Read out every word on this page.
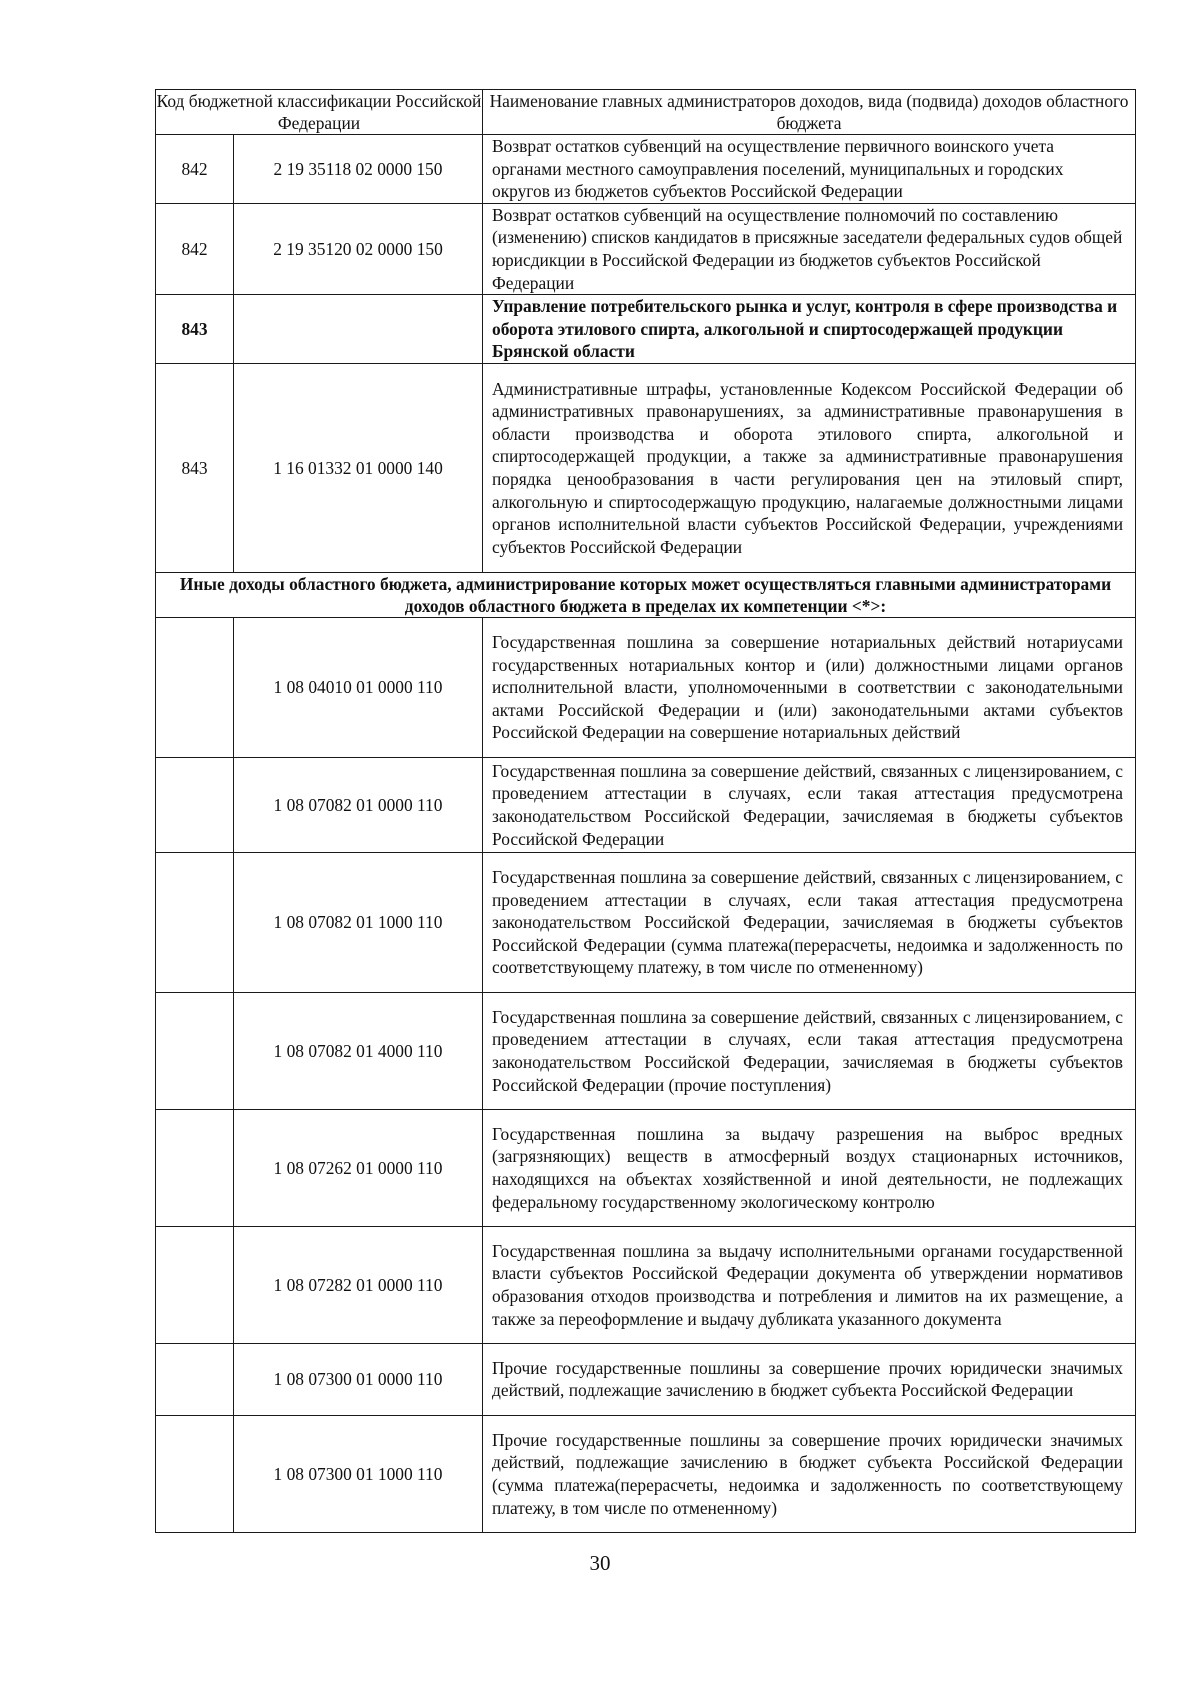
Код бюджетной классификации Российской Федерации		Наименование главных администраторов доходов, вида (подвида) доходов областного бюджета
842	2 19 35118 02 0000 150	Возврат остатков субвенций на осуществление первичного воинского учета органами местного самоуправления поселений, муниципальных и городских округов из бюджетов субъектов Российской Федерации
842	2 19 35120 02 0000 150	Возврат остатков субвенций на осуществление полномочий по составлению (изменению) списков кандидатов в присяжные заседатели федеральных судов общей юрисдикции в Российской Федерации из бюджетов субъектов Российской Федерации
843		Управление потребительского рынка и услуг, контроля в сфере производства и оборота этилового спирта, алкогольной и спиртосодержащей продукции Брянской области
843	1 16 01332 01 0000 140	Административные штрафы, установленные Кодексом Российской Федерации об административных правонарушениях, за административные правонарушения в области производства и оборота этилового спирта, алкогольной и спиртосодержащей продукции, а также за административные правонарушения порядка ценообразования в части регулирования цен на этиловый спирт, алкогольную и спиртосодержащую продукцию, налагаемые должностными лицами органов исполнительной власти субъектов Российской Федерации, учреждениями субъектов Российской Федерации
Иные доходы областного бюджета, администрирование которых может осуществляться главными администраторами доходов областного бюджета в пределах их компетенции <*>:		
	1 08 04010 01 0000 110	Государственная пошлина за совершение нотариальных действий нотариусами государственных нотариальных контор и (или) должностными лицами органов исполнительной власти, уполномоченными в соответствии с законодательными актами Российской Федерации и (или) законодательными актами субъектов Российской Федерации на совершение нотариальных действий
	1 08 07082 01 0000 110	Государственная пошлина за совершение действий, связанных с лицензированием, с проведением аттестации в случаях, если такая аттестация предусмотрена законодательством Российской Федерации, зачисляемая в бюджеты субъектов Российской Федерации
	1 08 07082 01 1000 110	Государственная пошлина за совершение действий, связанных с лицензированием, с проведением аттестации в случаях, если такая аттестация предусмотрена законодательством Российской Федерации, зачисляемая в бюджеты субъектов Российской Федерации (сумма платежа(перерасчеты, недоимка и задолженность по соответствующему платежу, в том числе по отмененному)
	1 08 07082 01 4000 110	Государственная пошлина за совершение действий, связанных с лицензированием, с проведением аттестации в случаях, если такая аттестация предусмотрена законодательством Российской Федерации, зачисляемая в бюджеты субъектов Российской Федерации (прочие поступления)
	1 08 07262 01 0000 110	Государственная пошлина за выдачу разрешения на выброс вредных (загрязняющих) веществ в атмосферный воздух стационарных источников, находящихся на объектах хозяйственной и иной деятельности, не подлежащих федеральному государственному экологическому контролю
	1 08 07282 01 0000 110	Государственная пошлина за выдачу исполнительными органами государственной власти субъектов Российской Федерации документа об утверждении нормативов образования отходов производства и потребления и лимитов на их размещение, а также за переоформление и выдачу дубликата указанного документа
	1 08 07300 01 0000 110	Прочие государственные пошлины за совершение прочих юридически значимых действий, подлежащие зачислению в бюджет субъекта Российской Федерации
	1 08 07300 01 1000 110	Прочие государственные пошлины за совершение прочих юридически значимых действий, подлежащие зачислению в бюджет субъекта Российской Федерации (сумма платежа(перерасчеты, недоимка и задолженность по соответствующему платежу, в том числе по отмененному)
30
